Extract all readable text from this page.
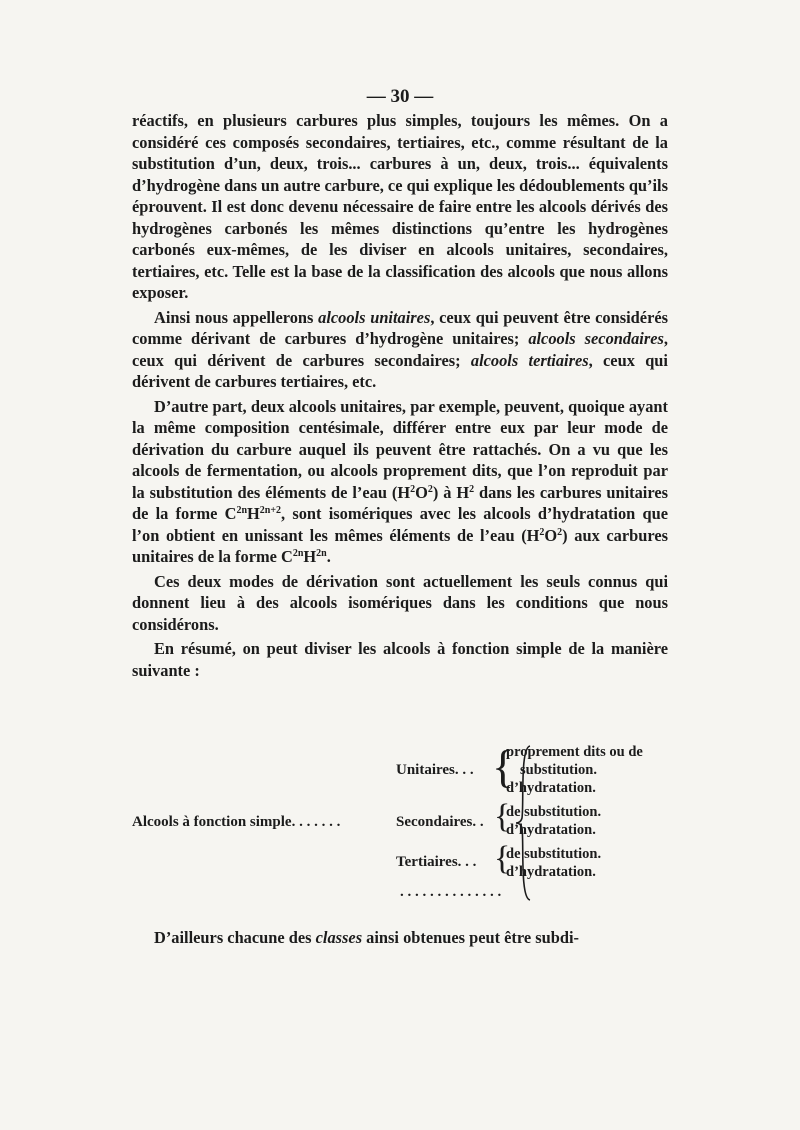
— 30 —

réactifs, en plusieurs carbures plus simples, toujours les mêmes. On a considéré ces composés secondaires, tertiaires, etc., comme résultant de la substitution d’un, deux, trois... carbures à un, deux, trois... équivalents d’hydrogène dans un autre carbure, ce qui explique les dédoublements qu’ils éprouvent. Il est donc devenu nécessaire de faire entre les alcools dérivés des hydrogènes carbonés les mêmes distinctions qu’entre les hydrogènes carbonés eux-mêmes, de les diviser en alcools unitaires, secondaires, tertiaires, etc. Telle est la base de la classification des alcools que nous allons exposer.

Ainsi nous appellerons alcools unitaires, ceux qui peuvent être considérés comme dérivant de carbures d’hydrogène unitaires; alcools secondaires, ceux qui dérivent de carbures secondaires; alcools tertiaires, ceux qui dérivent de carbures tertiaires, etc.

D’autre part, deux alcools unitaires, par exemple, peuvent, quoique ayant la même composition centésimale, différer entre eux par leur mode de dérivation du carbure auquel ils peuvent être rattachés. On a vu que les alcools de fermentation, ou alcools proprement dits, que l’on reproduit par la substitution des éléments de l’eau $(H^2O^2)$ à $H^2$ dans les carbures unitaires de la forme $C^{2n}H^{2n+2}$, sont isomériques avec les alcools d’hydratation que l’on obtient en unissant les mêmes éléments de l’eau $(H^2O^2)$ aux carbures unitaires de la forme $C^{2n}H^{2n}$.

Ces deux modes de dérivation sont actuellement les seuls connus qui donnent lieu à des alcools isomériques dans les conditions que nous considérons.

En résumé, on peut diviser les alcools à fonction simple de la manière suivante :

Alcools à fonction simple. . . . . . .
Unitaires. . . {
proprement dits ou de
substitution.
d’hydratation.
Secondaires. . {
de substitution.
d’hydratation.
Tertiaires. . . {
de substitution.
d’hydratation.
. . . . . . . . . . . . . .
D’ailleurs chacune des classes ainsi obtenues peut être subdi-
